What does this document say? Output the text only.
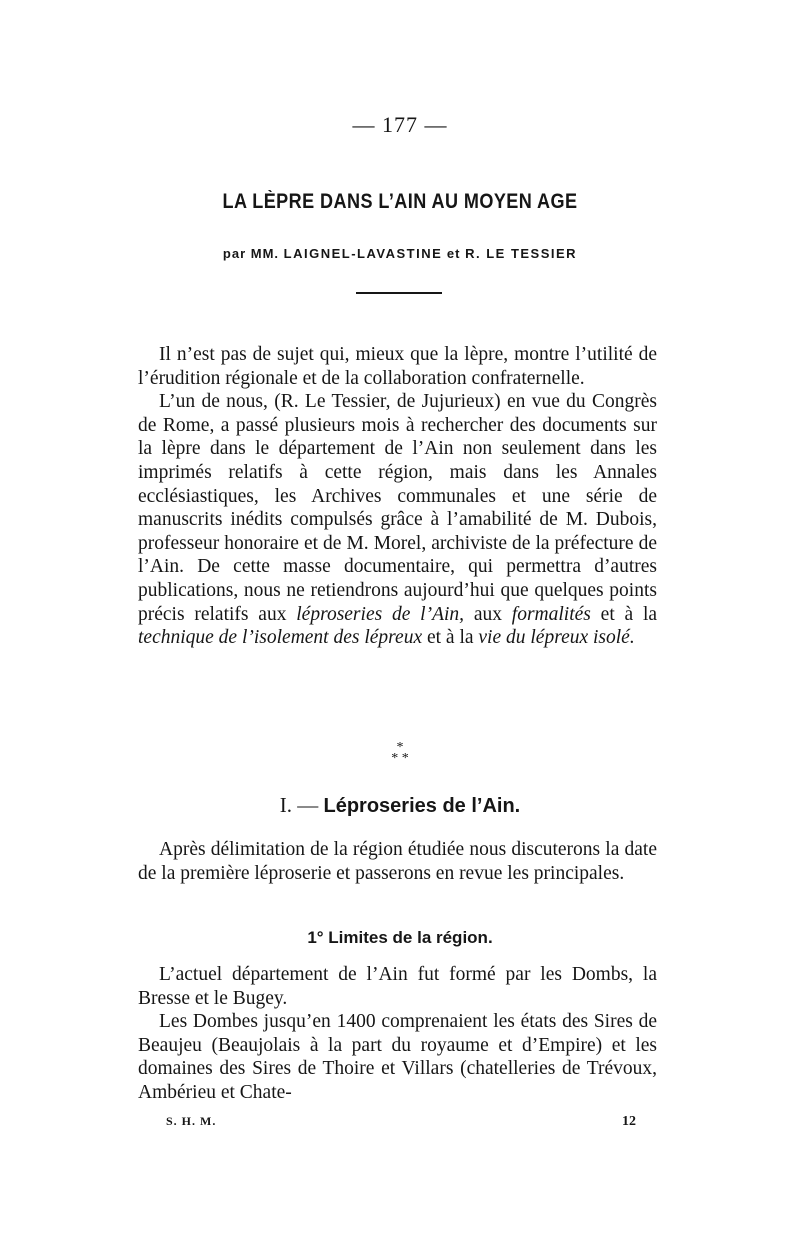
— 177 —
LA LÈPRE DANS L’AIN AU MOYEN AGE
par MM. LAIGNEL-LAVASTINE et R. LE TESSIER

Il n’est pas de sujet qui, mieux que la lèpre, montre l’utilité de l’érudition régionale et de la collaboration confraternelle.

L’un de nous, (R. Le Tessier, de Jujurieux) en vue du Congrès de Rome, a passé plusieurs mois à rechercher des documents sur la lèpre dans le département de l’Ain non seulement dans les imprimés relatifs à cette région, mais dans les Annales ecclésiastiques, les Archives communales et une série de manuscrits inédits compulsés grâce à l’amabilité de M. Dubois, professeur honoraire et de M. Morel, archiviste de la préfecture de l’Ain. De cette masse documentaire, qui permettra d’autres publications, nous ne retiendrons aujourd’hui que quelques points précis relatifs aux léproseries de l’Ain, aux formalités et à la technique de l’isolement des lépreux et à la vie du lépreux isolé.

*
* *
I. — Léproseries de l’Ain.

Après délimitation de la région étudiée nous discuterons la date de la première léproserie et passerons en revue les principales.

1° Limites de la région.

L’actuel département de l’Ain fut formé par les Dombs, la Bresse et le Bugey.

Les Dombes jusqu’en 1400 comprenaient les états des Sires de Beaujeu (Beaujolais à la part du royaume et d’Empire) et les domaines des Sires de Thoire et Villars (chatelleries de Trévoux, Ambérieu et Chate-

S. H. M.	12
